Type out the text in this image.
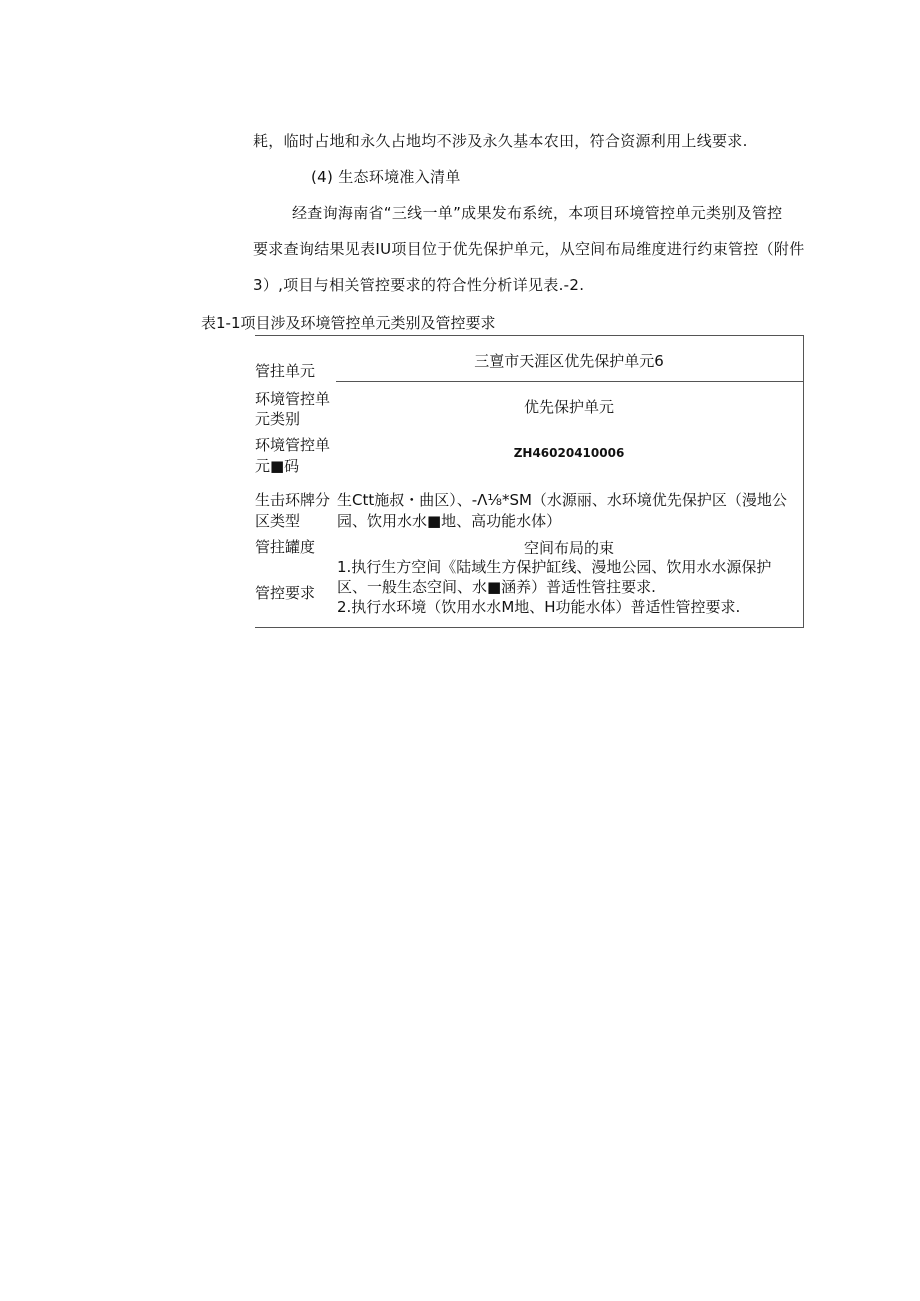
耗，临时占地和永久占地均不涉及永久基本农田，符合资源利用上线要求.
(4) 生态环境准入清单
经查询海南省“三线一单”成果发布系统，本项目环境管控单元类别及管控
要求查询结果见表IU项目位于优先保护单元，从空间布局维度进行约束管控（附件
3）,项目与相关管控要求的符合性分析详见表.-2.
表1-1项目涉及环境管控单元类别及管控要求
管拄单元
三亶市天涯区优先保护单元6
环境管控单
元类别
优先保护单元
环境管控单
元■码
ZH46020410006
生击环牌分
区类型
生Ctt施叔・曲区）、-Λ⅛*SM（水源丽、水环境优先保护区（漫地公
园、饮用水水■地、高功能水体）
管拄罐度	空间布局的束
管控要求
1.执行生方空间《陆域生方保护缸线、漫地公园、饮用水水源保护
区、一般生态空间、水■涵养）普适性管拄要求.
2.执行水环境（饮用水水M地、H功能水体）普适性管控要求.
